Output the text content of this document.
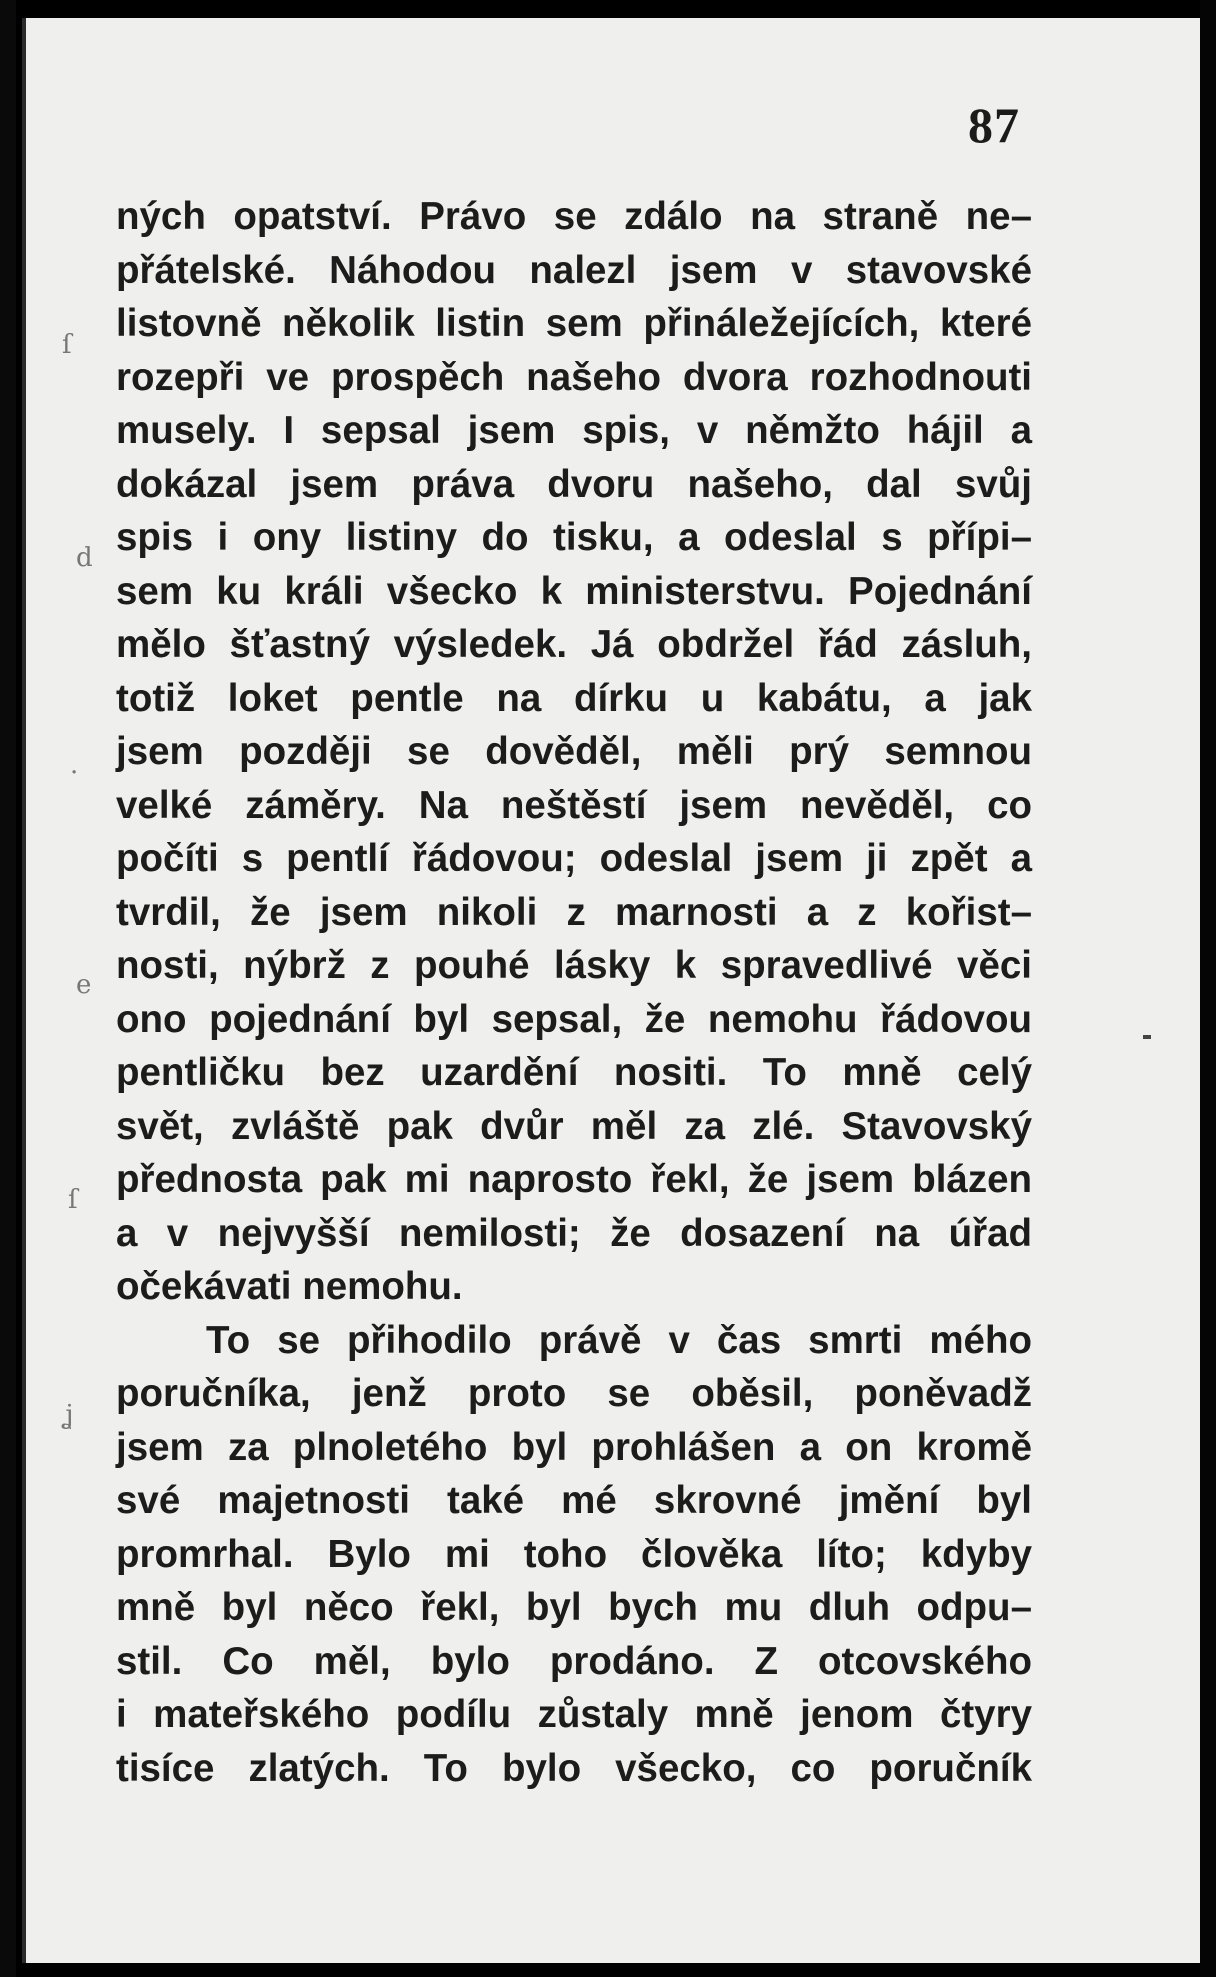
87
ſ
d
·
e
ſ
ʝ
ných opatství. Právo se zdálo na straně ne–
přátelské. Náhodou nalezl jsem v stavovské
listovně několik listin sem přináležejících, které
rozepři ve prospěch našeho dvora rozhodnouti
musely. I sepsal jsem spis, v němžto hájil a
dokázal jsem práva dvoru našeho, dal svůj
spis i ony listiny do tisku, a odeslal s přípi–
sem ku králi všecko k ministerstvu. Pojednání
mělo šťastný výsledek. Já obdržel řád zásluh,
totiž loket pentle na dírku u kabátu, a jak
jsem později se dověděl, měli prý semnou
velké záměry. Na neštěstí jsem nevěděl, co
počíti s pentlí řádovou; odeslal jsem ji zpět a
tvrdil, že jsem nikoli z marnosti a z kořist–
nosti, nýbrž z pouhé lásky k spravedlivé věci
ono pojednání byl sepsal, že nemohu řádovou
pentličku bez uzardění nositi. To mně celý
svět, zvláště pak dvůr měl za zlé. Stavovský
přednosta pak mi naprosto řekl, že jsem blázen
a v nejvyšší nemilosti; že dosazení na úřad
očekávati nemohu.
To se přihodilo právě v čas smrti mého
poručníka, jenž proto se oběsil, poněvadž
jsem za plnoletého byl prohlášen a on kromě
své majetnosti také mé skrovné jmění byl
promrhal. Bylo mi toho člověka líto; kdyby
mně byl něco řekl, byl bych mu dluh odpu–
stil. Co měl, bylo prodáno. Z otcovského
i mateřského podílu zůstaly mně jenom čtyry
tisíce zlatých. To bylo všecko, co poručník
